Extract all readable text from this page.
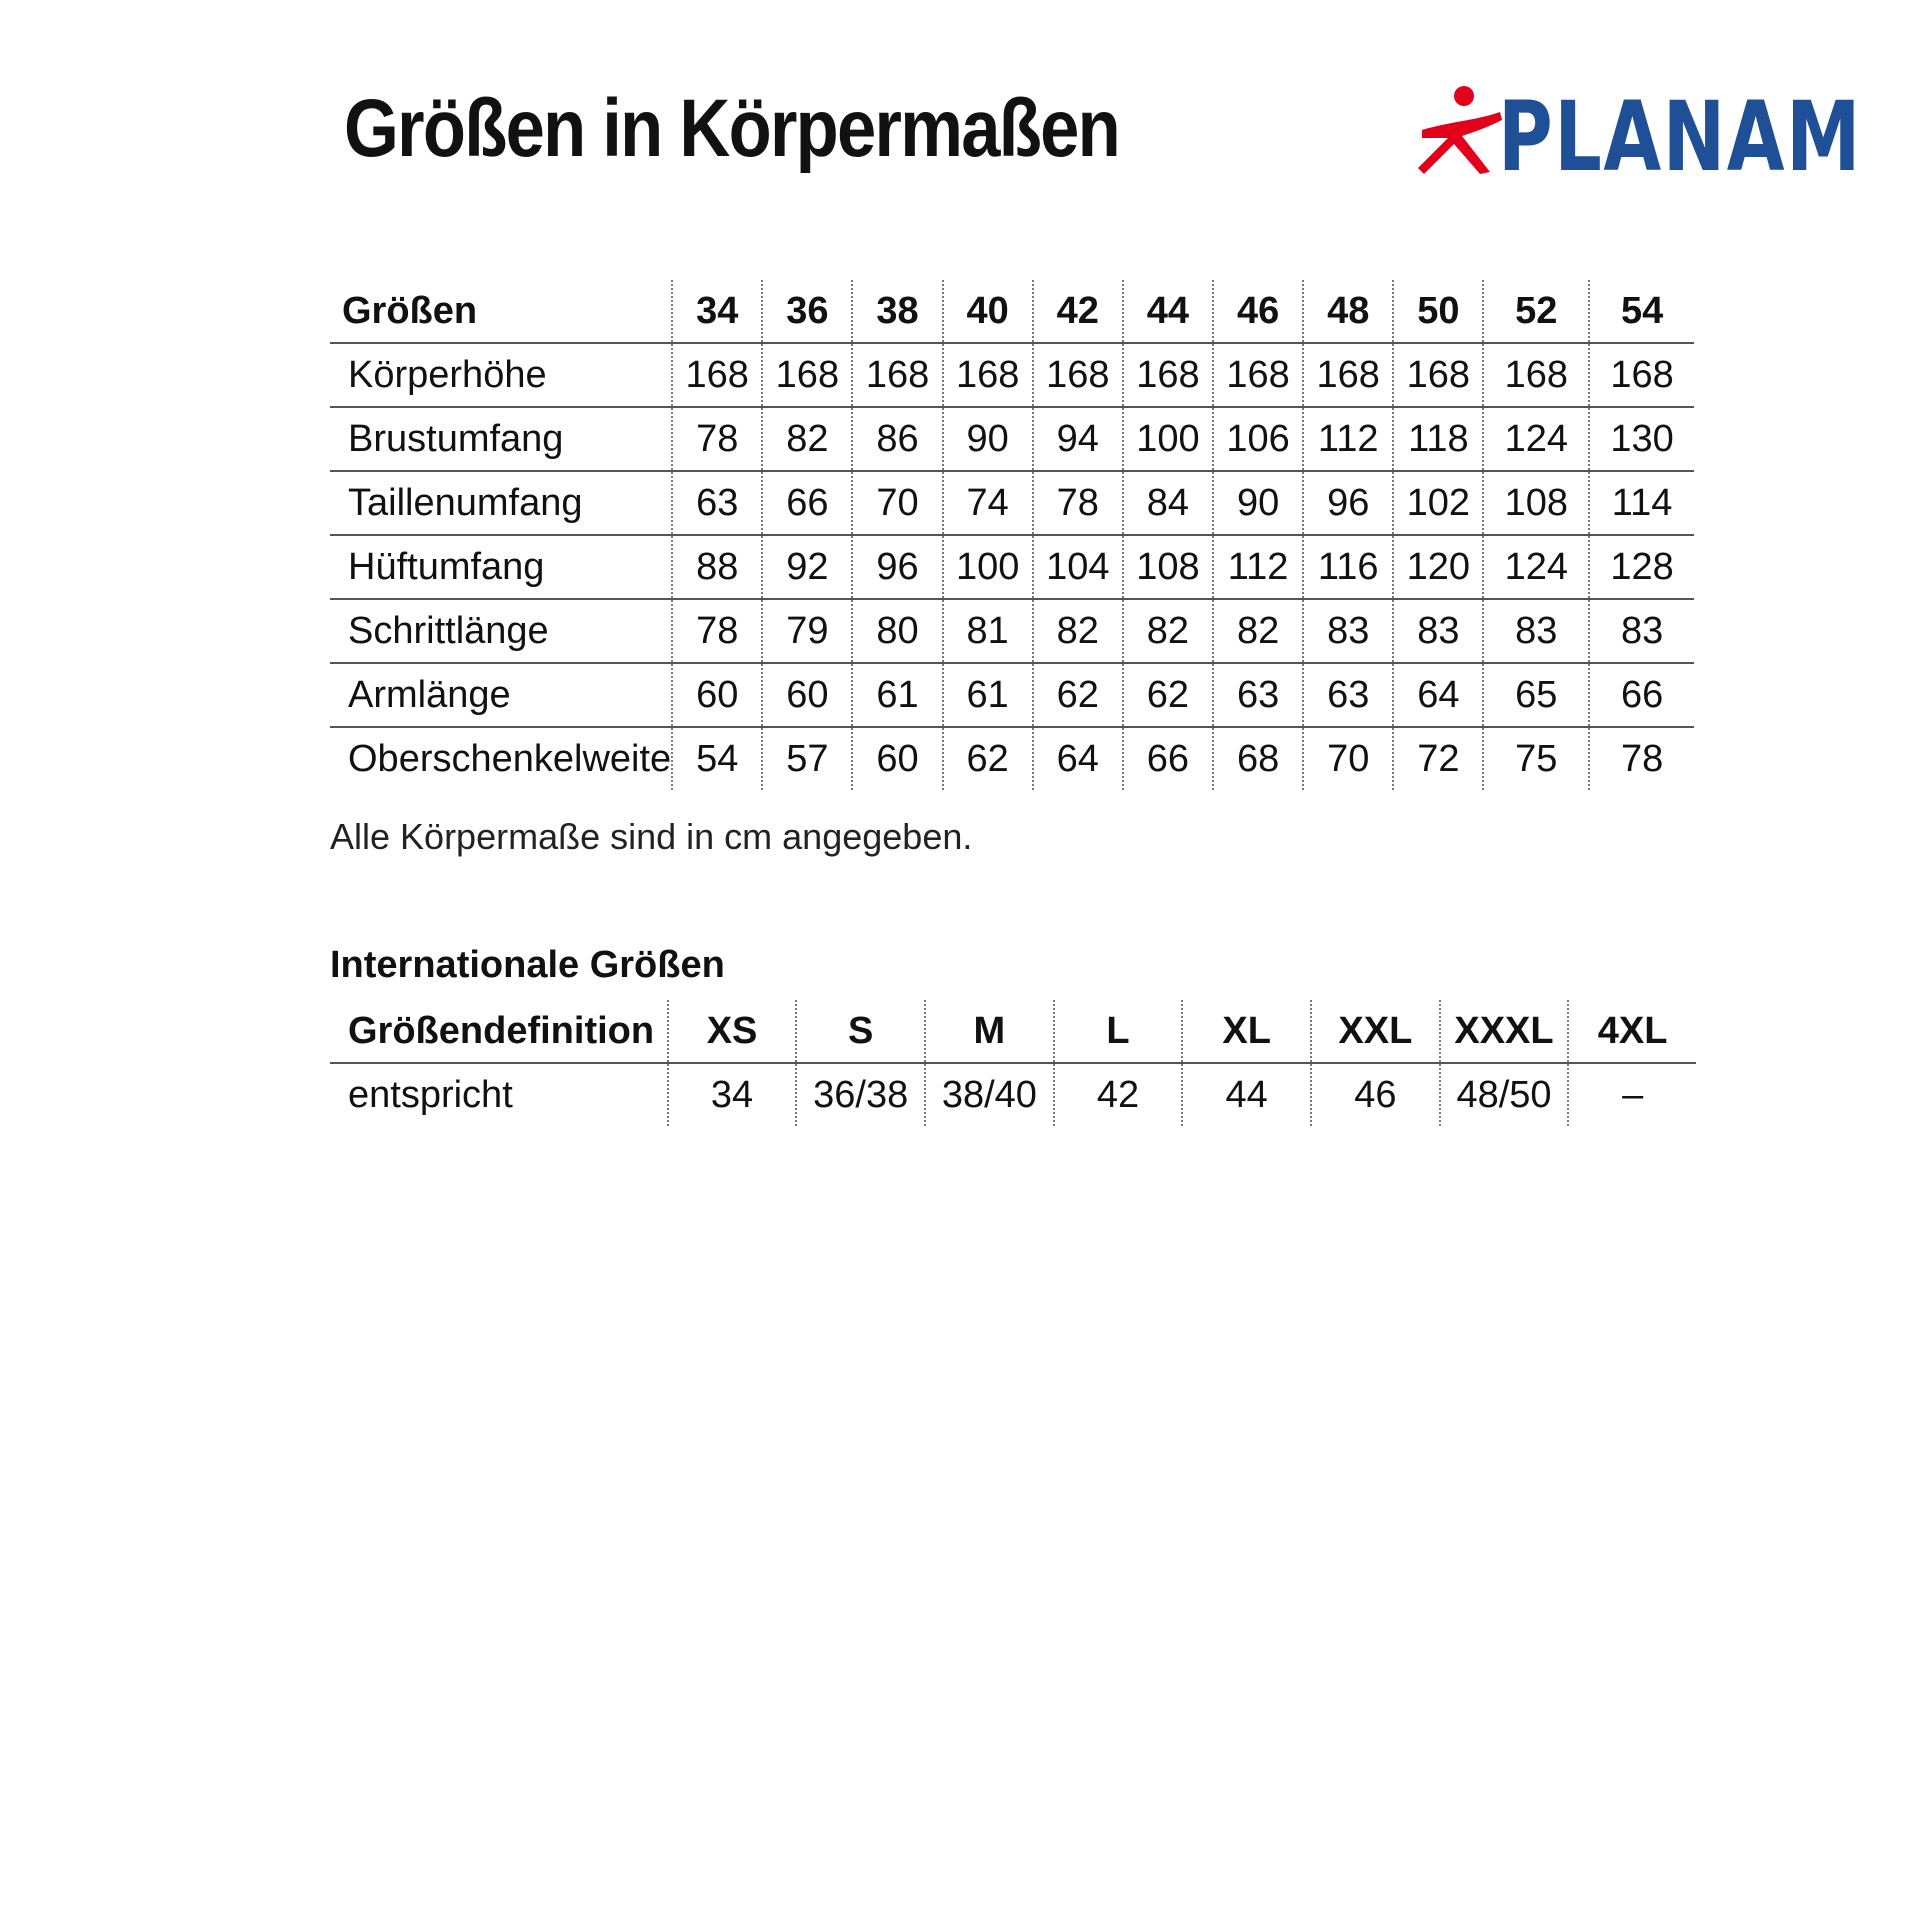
Größen in Körpermaßen	PLANAM
Größen	34	36	38	40	42	44	46	48	50	52	54
Körperhöhe	168	168	168	168	168	168	168	168	168	168	168
Brustumfang	78	82	86	90	94	100	106	112	118	124	130
Taillenumfang	63	66	70	74	78	84	90	96	102	108	114
Hüftumfang	88	92	96	100	104	108	112	116	120	124	128
Schrittlänge	78	79	80	81	82	82	82	83	83	83	83
Armlänge	60	60	61	61	62	62	63	63	64	65	66
Oberschenkelweite	54	57	60	62	64	66	68	70	72	75	78

Alle Körpermaße sind in cm angegeben.

Internationale Größen
Größendefinition	XS	S	M	L	XL	XXL	XXXL	4XL
entspricht	34	36/38	38/40	42	44	46	48/50	–
